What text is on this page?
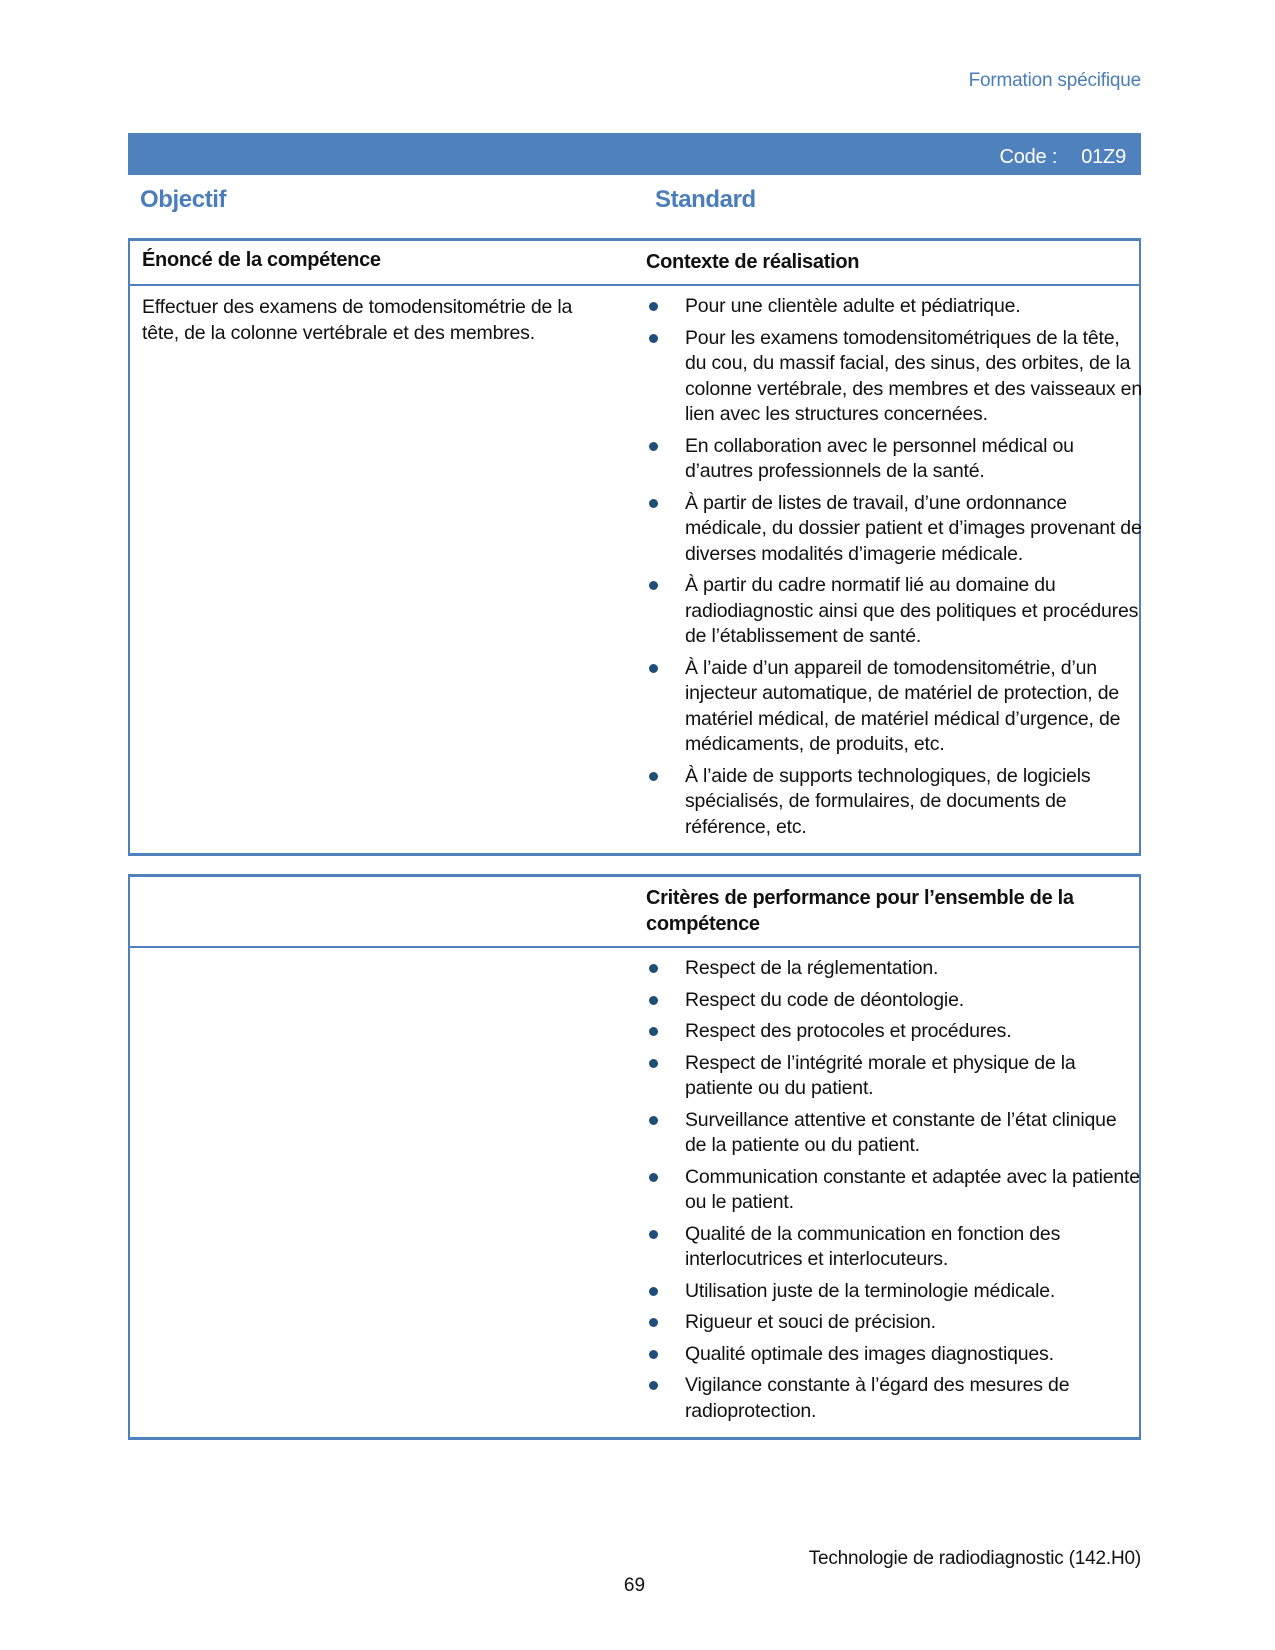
Formation spécifique
Code : 01Z9
Objectif	Standard
Énoncé de la compétence	Contexte de réalisation
Effectuer des examens de tomodensitométrie de la tête, de la colonne vertébrale et des membres.
Pour une clientèle adulte et pédiatrique.
Pour les examens tomodensitométriques de la tête, du cou, du massif facial, des sinus, des orbites, de la colonne vertébrale, des membres et des vaisseaux en lien avec les structures concernées.
En collaboration avec le personnel médical ou d’autres professionnels de la santé.
À partir de listes de travail, d’une ordonnance médicale, du dossier patient et d’images provenant de diverses modalités d’imagerie médicale.
À partir du cadre normatif lié au domaine du radiodiagnostic ainsi que des politiques et procédures de l’établissement de santé.
À l’aide d’un appareil de tomodensitométrie, d’un injecteur automatique, de matériel de protection, de matériel médical, de matériel médical d’urgence, de médicaments, de produits, etc.
À l’aide de supports technologiques, de logiciels spécialisés, de formulaires, de documents de référence, etc.
Critères de performance pour l’ensemble de la compétence
Respect de la réglementation.
Respect du code de déontologie.
Respect des protocoles et procédures.
Respect de l’intégrité morale et physique de la patiente ou du patient.
Surveillance attentive et constante de l’état clinique de la patiente ou du patient.
Communication constante et adaptée avec la patiente ou le patient.
Qualité de la communication en fonction des interlocutrices et interlocuteurs.
Utilisation juste de la terminologie médicale.
Rigueur et souci de précision.
Qualité optimale des images diagnostiques.
Vigilance constante à l’égard des mesures de radioprotection.
Technologie de radiodiagnostic (142.H0)
69
